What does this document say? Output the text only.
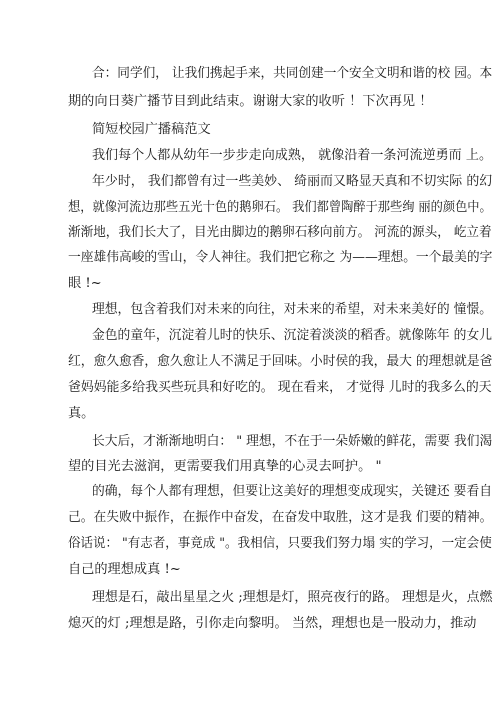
合：同学们， 让我们携起手来，共同创建一个安全文明和谐的校 园。本
期的向日葵广播节目到此结束。谢谢大家的收听 ！下次再见 ！
简短校园广播稿范文
我们每个人都从幼年一步步走向成熟， 就像沿着一条河流逆勇而 上。
年少时， 我们都曾有过一些美妙、 绮丽而又略显天真和不切实际 的幻
想，就像河流边那些五光十色的鹅卵石。 我们都曾陶醉于那些绚 丽的颜色中。
渐渐地，我们长大了，目光由脚边的鹅卵石移向前方。 河流的源头， 屹立着
一座雄伟高峻的雪山，令人神往。我们把它称之 为——理想。一个最美的字
眼 !~
理想，包含着我们对未来的向往，对未来的希望，对未来美好的 憧憬。
金色的童年，沉淀着儿时的快乐、沉淀着淡淡的稻香。就像陈年 的女儿
红，愈久愈香，愈久愈让人不满足于回味。小时侯的我，最大 的理想就是爸
爸妈妈能多给我买些玩具和好吃的。 现在看来， 才觉得 儿时的我多么的天
真。
长大后，才渐渐地明白： " 理想，不在于一朵娇嫩的鲜花，需要 我们渴
望的目光去滋润，更需要我们用真挚的心灵去呵护。 "
的确，每个人都有理想，但要让这美好的理想变成现实，关键还 要看自
己。在失败中振作，在振作中奋发，在奋发中取胜，这才是我 们要的精神。
俗话说： "有志者，事竟成 "。我相信，只要我们努力塌 实的学习，一定会使
自己的理想成真 !~
理想是石，敲出星星之火 ;理想是灯，照亮夜行的路。 理想是火，点燃
熄灭的灯 ;理想是路，引你走向黎明。 当然，理想也是一股动力，推动
